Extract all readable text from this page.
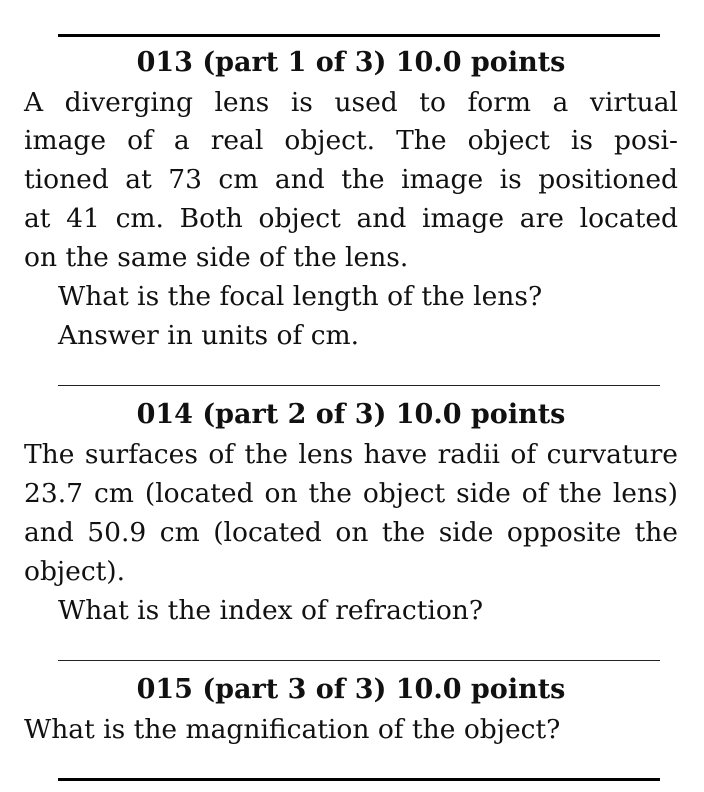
013 (part 1 of 3) 10.0 points
A diverging lens is used to form a virtual
image of a real object. The object is posi-
tioned at 73 cm and the image is positioned
at 41 cm. Both object and image are located
on the same side of the lens.
What is the focal length of the lens?
Answer in units of cm.
014 (part 2 of 3) 10.0 points
The surfaces of the lens have radii of curvature
23.7 cm (located on the object side of the lens)
and 50.9 cm (located on the side opposite the
object).
What is the index of refraction?
015 (part 3 of 3) 10.0 points
What is the magnification of the object?
